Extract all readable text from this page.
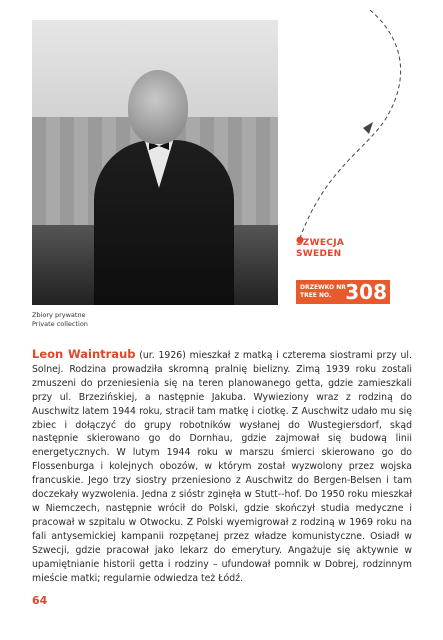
Zbiory prywatne
Private collection
SZWECJA
SWEDEN
DRZEWKO NR
TREE NO. 308
Leon Waintraub (ur. 1926) mieszkał z matką i czterema siostrami przy ul. Solnej. Rodzina prowadziła skromną pralnię bielizny. Zimą 1939 roku zostali zmuszeni do przeniesienia się na teren planowanego getta, gdzie zamieszkali przy ul. Brzezińskiej, a następnie Jakuba. Wywieziony wraz z rodziną do Auschwitz latem 1944 roku, stracił tam matkę i ciotkę. Z Auschwitz udało mu się zbiec i dołączyć do grupy robotników wysłanej do Wustegiersdorf, skąd następnie skierowano go do Dornhau, gdzie zajmował się budową linii energetycznych. W lutym 1944 roku w marszu śmierci skierowano go do Flossenburga i kolejnych obozów, w którym został wyzwolony przez wojska francuskie. Jego trzy siostry przeniesiono z Auschwitz do Bergen-Belsen i tam doczekały wyzwolenia. Jedna z sióstr zginęła w Stutt--hof. Do 1950 roku mieszkał w Niemczech, następnie wrócił do Polski, gdzie skończył studia medyczne i pracował w szpitalu w Otwocku. Z Polski wyemigrował z rodziną w 1969 roku na fali antysemickiej kampanii rozpętanej przez władze komunistyczne. Osiadł w Szwecji, gdzie pracował jako lekarz do emerytury. Angażuje się aktywnie w upamiętnianie historii getta i rodziny – ufundował pomnik w Dobrej, rodzinnym mieście matki; regularnie odwiedza też Łódź.
64
